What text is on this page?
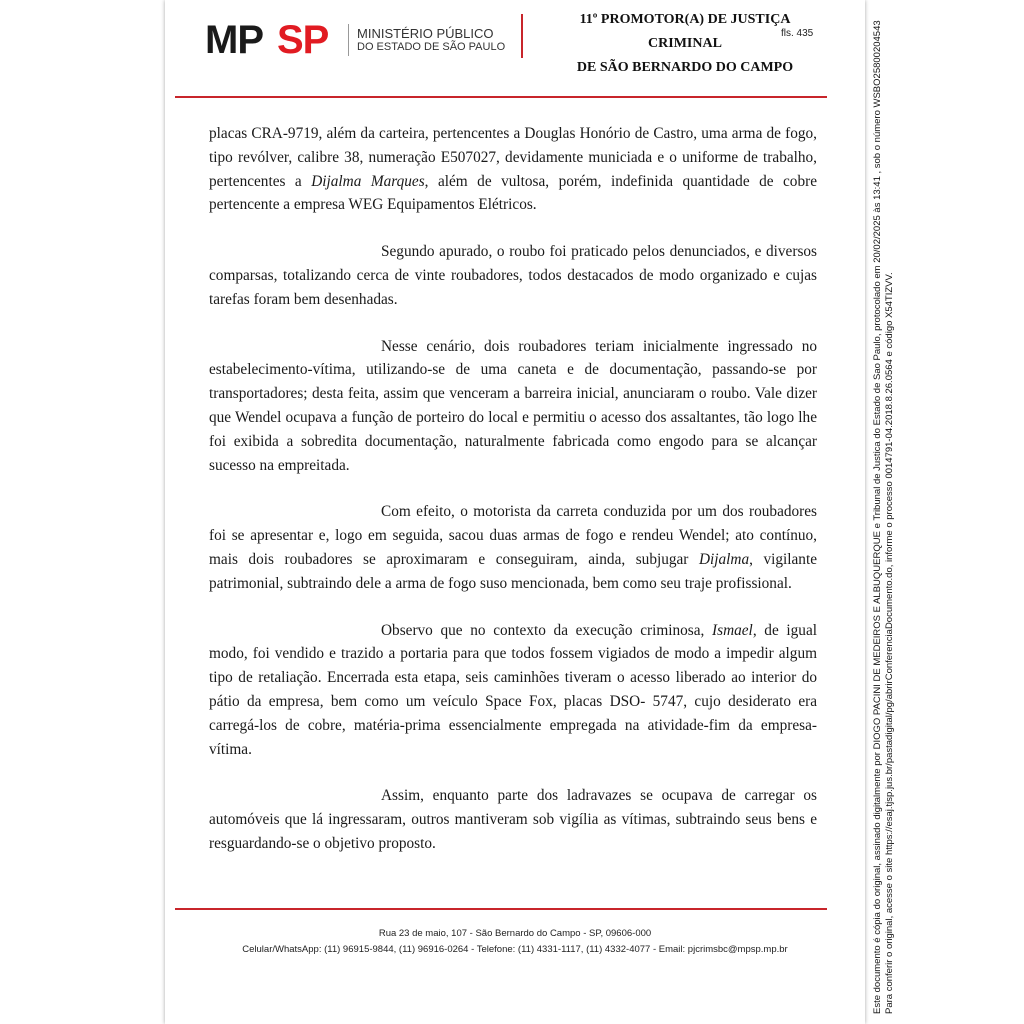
MP SP MINISTÉRIO PÚBLICO
DO ESTADO DE SÃO PAULO
11º PROMOTOR(A) DE JUSTIÇA
CRIMINAL
DE SÃO BERNARDO DO CAMPO
fls. 435

placas CRA-9719, além da carteira, pertencentes a Douglas Honório de Castro, uma arma de fogo, tipo revólver, calibre 38, numeração E507027, devidamente municiada e o uniforme de trabalho, pertencentes a Dijalma Marques, além de vultosa, porém, indefinida quantidade de cobre pertencente a empresa WEG Equipamentos Elétricos.

Segundo apurado, o roubo foi praticado pelos denunciados, e diversos comparsas, totalizando cerca de vinte roubadores, todos destacados de modo organizado e cujas tarefas foram bem desenhadas.

Nesse cenário, dois roubadores teriam inicialmente ingressado no estabelecimento-vítima, utilizando-se de uma caneta e de documentação, passando-se por transportadores; desta feita, assim que venceram a barreira inicial, anunciaram o roubo. Vale dizer que Wendel ocupava a função de porteiro do local e permitiu o acesso dos assaltantes, tão logo lhe foi exibida a sobredita documentação, naturalmente fabricada como engodo para se alcançar sucesso na empreitada.

Com efeito, o motorista da carreta conduzida por um dos roubadores foi se apresentar e, logo em seguida, sacou duas armas de fogo e rendeu Wendel; ato contínuo, mais dois roubadores se aproximaram e conseguiram, ainda, subjugar Dijalma, vigilante patrimonial, subtraindo dele a arma de fogo suso mencionada, bem como seu traje profissional.

Observo que no contexto da execução criminosa, Ismael, de igual modo, foi vendido e trazido a portaria para que todos fossem vigiados de modo a impedir algum tipo de retaliação. Encerrada esta etapa, seis caminhões tiveram o acesso liberado ao interior do pátio da empresa, bem como um veículo Space Fox, placas DSO- 5747, cujo desiderato era carregá-los de cobre, matéria-prima essencialmente empregada na atividade-fim da empresa-vítima.

Assim, enquanto parte dos ladravazes se ocupava de carregar os automóveis que lá ingressaram, outros mantiveram sob vigília as vítimas, subtraindo seus bens e resguardando-se o objetivo proposto.

Rua 23 de maio, 107 - São Bernardo do Campo - SP, 09606-000
Celular/WhatsApp: (11) 96915-9844, (11) 96916-0264 - Telefone: (11) 4331-1117, (11) 4332-4077 - Email: pjcrimsbc@mpsp.mp.br	Este documento é cópia do original, assinado digitalmente por DIOGO PACINI DE MEDEIROS E ALBUQUERQUE e Tribunal de Justica do Estado de Sao Paulo, protocolado em 20/02/2025 às 13:41 , sob o número WSBO25800204543 Para conferir o original, acesse o site https://esaj.tjsp.jus.br/pastadigital/pg/abrirConferenciaDocumento.do, informe o processo 0014791-04.2018.8.26.0564 e código X54TIZVV.
